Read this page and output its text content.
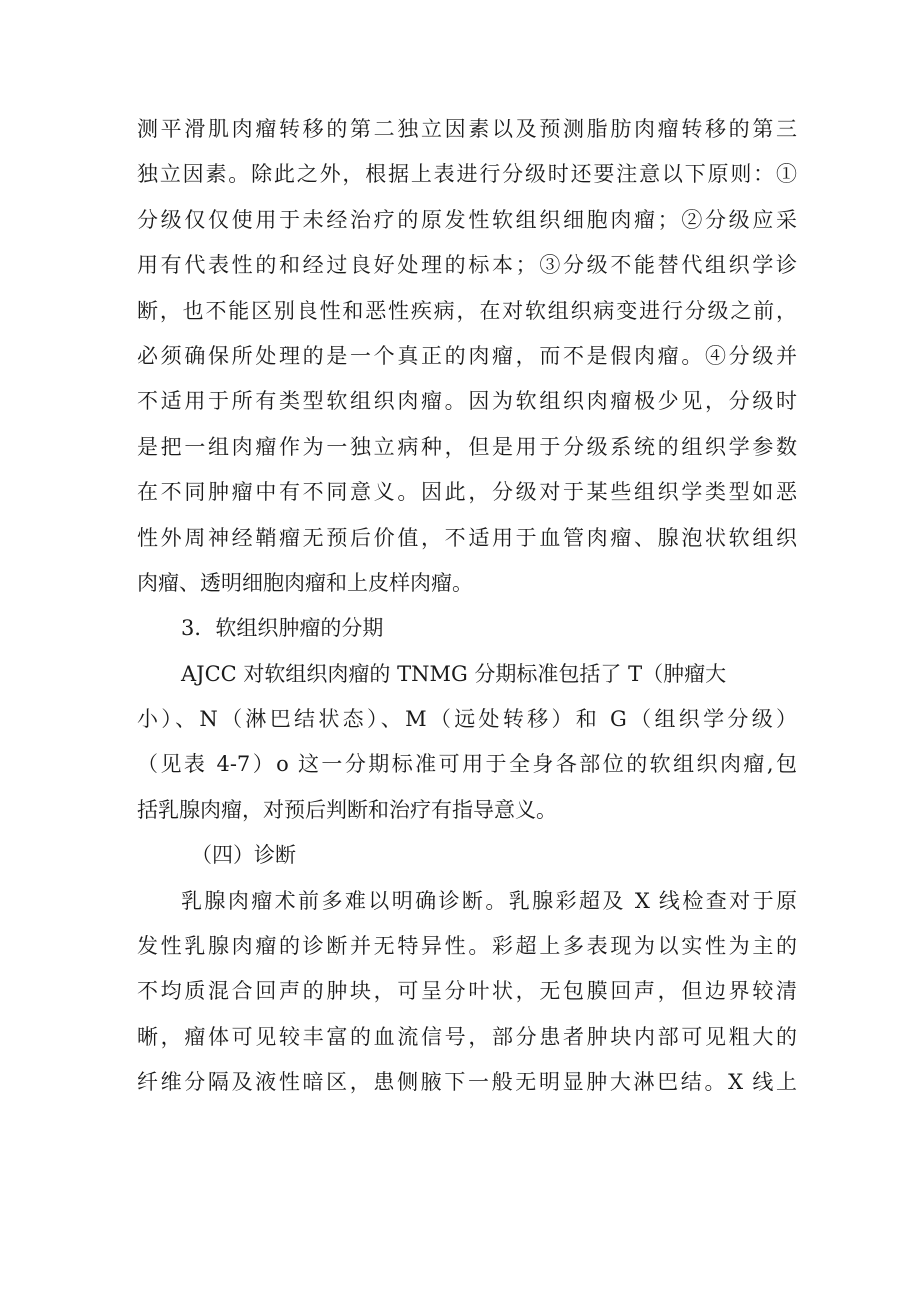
测平滑肌肉瘤转移的第二独立因素以及预测脂肪肉瘤转移的第三
独立因素。除此之外，根据上表进行分级时还要注意以下原则：①
分级仅仅使用于未经治疗的原发性软组织细胞肉瘤；②分级应采
用有代表性的和经过良好处理的标本；③分级不能替代组织学诊
断，也不能区别良性和恶性疾病，在对软组织病变进行分级之前，
必须确保所处理的是一个真正的肉瘤，而不是假肉瘤。④分级并
不适用于所有类型软组织肉瘤。因为软组织肉瘤极少见，分级时
是把一组肉瘤作为一独立病种，但是用于分级系统的组织学参数
在不同肿瘤中有不同意义。因此，分级对于某些组织学类型如恶
性外周神经鞘瘤无预后价值，不适用于血管肉瘤、腺泡状软组织
肉瘤、透明细胞肉瘤和上皮样肉瘤。
3．软组织肿瘤的分期
AJCC 对软组织肉瘤的 TNMG 分期标准包括了 T（肿瘤大
小）、N（淋巴结状态）、M（远处转移）和 G（组织学分级）
（见表 4-7）o 这一分期标准可用于全身各部位的软组织肉瘤,包
括乳腺肉瘤，对预后判断和治疗有指导意义。
（四）诊断
乳腺肉瘤术前多难以明确诊断。乳腺彩超及 X 线检查对于原
发性乳腺肉瘤的诊断并无特异性。彩超上多表现为以实性为主的
不均质混合回声的肿块，可呈分叶状，无包膜回声，但边界较清
晰，瘤体可见较丰富的血流信号，部分患者肿块内部可见粗大的
纤维分隔及液性暗区，患侧腋下一般无明显肿大淋巴结。X 线上
